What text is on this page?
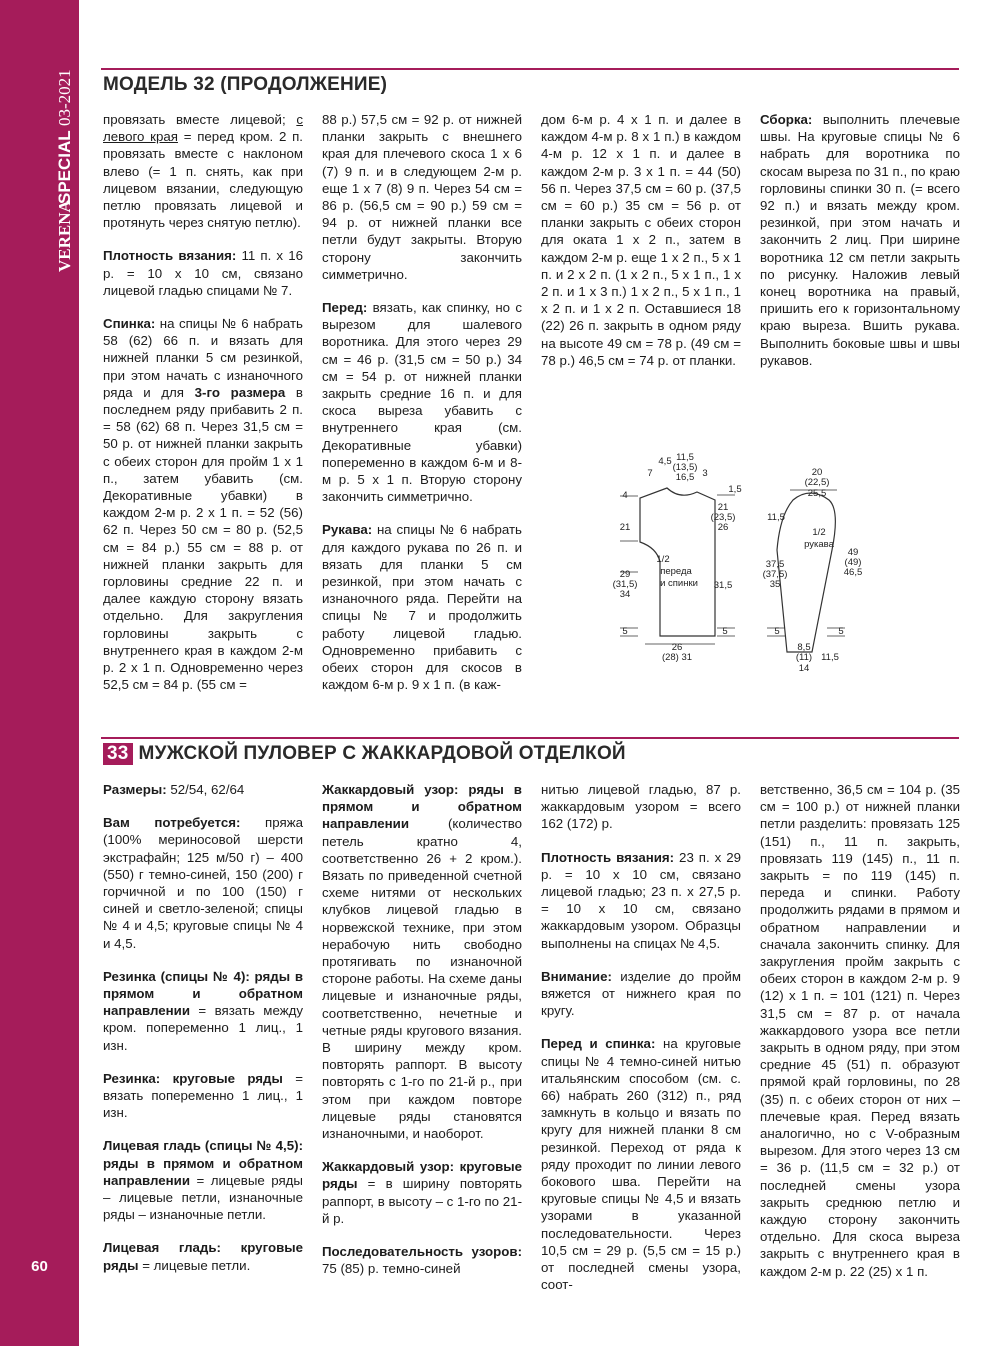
VERENA
SPECIAL
03-2021
60
МОДЕЛЬ 32 (ПРОДОЛЖЕНИЕ)

провязать вместе лицевой; с левого края = перед кром. 2 п. провязать вместе с наклоном влево (= 1 п. снять, как при лицевом вязании, следующую петлю провязать лицевой и протянуть через снятую петлю).

Плотность вязания: 11 п. х 16 р. = 10 х 10 см, связано лицевой гладью спицами № 7.

Спинка: на спицы № 6 набрать 58 (62) 66 п. и вязать для нижней планки 5 см резинкой, при этом начать с изнаночного ряда и для 3-го размера в последнем ряду прибавить 2 п. = 58 (62) 68 п. Через 31,5 см = 50 р. от нижней планки закрыть с обеих сторон для пройм 1 х 1 п., затем убавить (см. Декоративные убавки) в каждом 2-м р. 2 х 1 п. = 52 (56) 62 п. Через 50 см = 80 р. (52,5 см = 84 р.) 55 см = 88 р. от нижней планки закрыть для горловины средние 22 п. и далее каждую сторону вязать отдельно. Для закругления горловины закрыть с внутреннего края в каждом 2-м р. 2 х 1 п. Одновременно через 52,5 см = 84 р. (55 см =

88 р.) 57,5 см = 92 р. от нижней планки закрыть с внешнего края для плечевого скоса 1 х 6 (7) 9 п. и в следующем 2-м р. еще 1 х 7 (8) 9 п. Через 54 см = 86 р. (56,5 см = 90 р.) 59 см = 94 р. от нижней планки все петли будут закрыты. Вторую сторону закончить симметрично.

Перед: вязать, как спинку, но с вырезом для шалевого воротника. Для этого через 29 см = 46 р. (31,5 см = 50 р.) 34 см = 54 р. от нижней планки закрыть средние 16 п. и для скоса выреза убавить с внутреннего края (см. Декоративные убавки) попеременно в каждом 6-м и 8-м р. 5 х 1 п. Вторую сторону закончить симметрично.

Рукава: на спицы № 6 набрать для каждого рукава по 26 п. и вязать для планки 5 см резинкой, при этом начать с изнаночного ряда. Перейти на спицы № 7 и продолжить работу лицевой гладью. Одновременно прибавить с обеих сторон для скосов в каждом 6-м р. 9 х 1 п. (в каж-

дом 6-м р. 4 х 1 п. и далее в каждом 4-м р. 8 х 1 п.) в каждом 4-м р. 12 х 1 п. и далее в каждом 2-м р. 3 х 1 п. = 44 (50) 56 п. Через 37,5 см = 60 р. (37,5 см = 60 р.) 35 см = 56 р. от планки закрыть с обеих сторон для оката 1 х 2 п., затем в каждом 2-м р. еще 1 х 2 п., 5 х 1 п. и 2 х 2 п. (1 х 2 п., 5 х 1 п., 1 х 2 п. и 1 х 3 п.) 1 х 2 п., 5 х 1 п., 1 х 2 п. и 1 х 2 п. Оставшиеся 18 (22) 26 п. закрыть в одном ряду на высоте 49 см = 78 р. (49 см = 78 р.) 46,5 см = 74 р. от планки.

Сборка: выполнить плечевые швы. На круговые спицы № 6 набрать для воротника по скосам выреза по 31 п., по краю горловины спинки 30 п. (= всего 92 п.) и вязать между кром. резинкой, при этом начать и закончить 2 лиц. При ширине воротника 12 см петли закрыть по рисунку. Наложив левый конец воротника на правый, пришить его к горизонтальному краю выреза. Вшить рукава. Выполнить боковые швы и швы рукавов.

1/2
переда
и спинки
11,5
(13,5)
16,5
4,5
7	3
1,5
4
21
21
(23,5)
26
29
(31,5)
34
31,5
5	5
26
(28) 31
1/2
рукава
20
(22,5)
25,5
11,5
37,5
(37,5)
35
49
(49)
46,5
5	5
8,5
(11)
14
11,5
33 МУЖСКОЙ ПУЛОВЕР С ЖАККАРДОВОЙ ОТДЕЛКОЙ

Размеры: 52/54, 62/64

Вам потребуется: пряжа (100% мериносовой шерсти экстрафайн; 125 м/50 г) – 400 (550) г темно-синей, 150 (200) г горчичной и по 100 (150) г синей и светло-зеленой; спицы № 4 и 4,5; круговые спицы № 4 и 4,5.

Резинка (спицы № 4): ряды в прямом и обратном направлении = вязать между кром. попеременно 1 лиц., 1 изн.

Резинка: круговые ряды = вязать попеременно 1 лиц., 1 изн.

Лицевая гладь (спицы № 4,5): ряды в прямом и обратном направлении = лицевые ряды – лицевые петли, изнаночные ряды – изнаночные петли.

Лицевая гладь: круговые ряды = лицевые петли.

Жаккардовый узор: ряды в прямом и обратном направлении (количество петель кратно 4, соответственно 26 + 2 кром.). Вязать по приведенной счетной схеме нитями от нескольких клубков лицевой гладью в норвежской технике, при этом нерабочую нить свободно протягивать по изнаночной стороне работы. На схеме даны лицевые и изнаночные ряды, соответственно, нечетные и четные ряды кругового вязания. В ширину между кром. повторять раппорт. В высоту повторять с 1-го по 21-й р., при этом при каждом повторе лицевые ряды становятся изнаночными, и наоборот.

Жаккардовый узор: круговые ряды = в ширину повторять раппорт, в высоту – с 1-го по 21-й р.

Последовательность узоров: 75 (85) р. темно-синей

нитью лицевой гладью, 87 р. жаккардовым узором = всего 162 (172) р.

Плотность вязания: 23 п. х 29 р. = 10 х 10 см, связано лицевой гладью; 23 п. х 27,5 р. = 10 х 10 см, связано жаккардовым узором. Образцы выполнены на спицах № 4,5.

Внимание: изделие до пройм вяжется от нижнего края по кругу.

Перед и спинка: на круговые спицы № 4 темно-синей нитью итальянским способом (см. с. 66) набрать 260 (312) п., ряд замкнуть в кольцо и вязать по кругу для нижней планки 8 см резинкой. Переход от ряда к ряду проходит по линии левого бокового шва. Перейти на круговые спицы № 4,5 и вязать узорами в указанной последовательности. Через 10,5 см = 29 р. (5,5 см = 15 р.) от последней смены узора, соот-

ветственно, 36,5 см = 104 р. (35 см = 100 р.) от нижней планки петли разделить: провязать 125 (151) п., 11 п. закрыть, провязать 119 (145) п., 11 п. закрыть = по 119 (145) п. переда и спинки. Работу продолжить рядами в прямом и обратном направлении и сначала закончить спинку. Для закругления пройм закрыть с обеих сторон в каждом 2-м р. 9 (12) х 1 п. = 101 (121) п. Через 31,5 см = 87 р. от начала жаккардового узора все петли закрыть в одном ряду, при этом средние 45 (51) п. образуют прямой край горловины, по 28 (35) п. с обеих сторон от них – плечевые края. Перед вязать аналогично, но с V-образным вырезом. Для этого через 13 см = 36 р. (11,5 см = 32 р.) от последней смены узора закрыть среднюю петлю и каждую сторону закончить отдельно. Для скоса выреза закрыть с внутреннего края в каждом 2-м р. 22 (25) х 1 п.
